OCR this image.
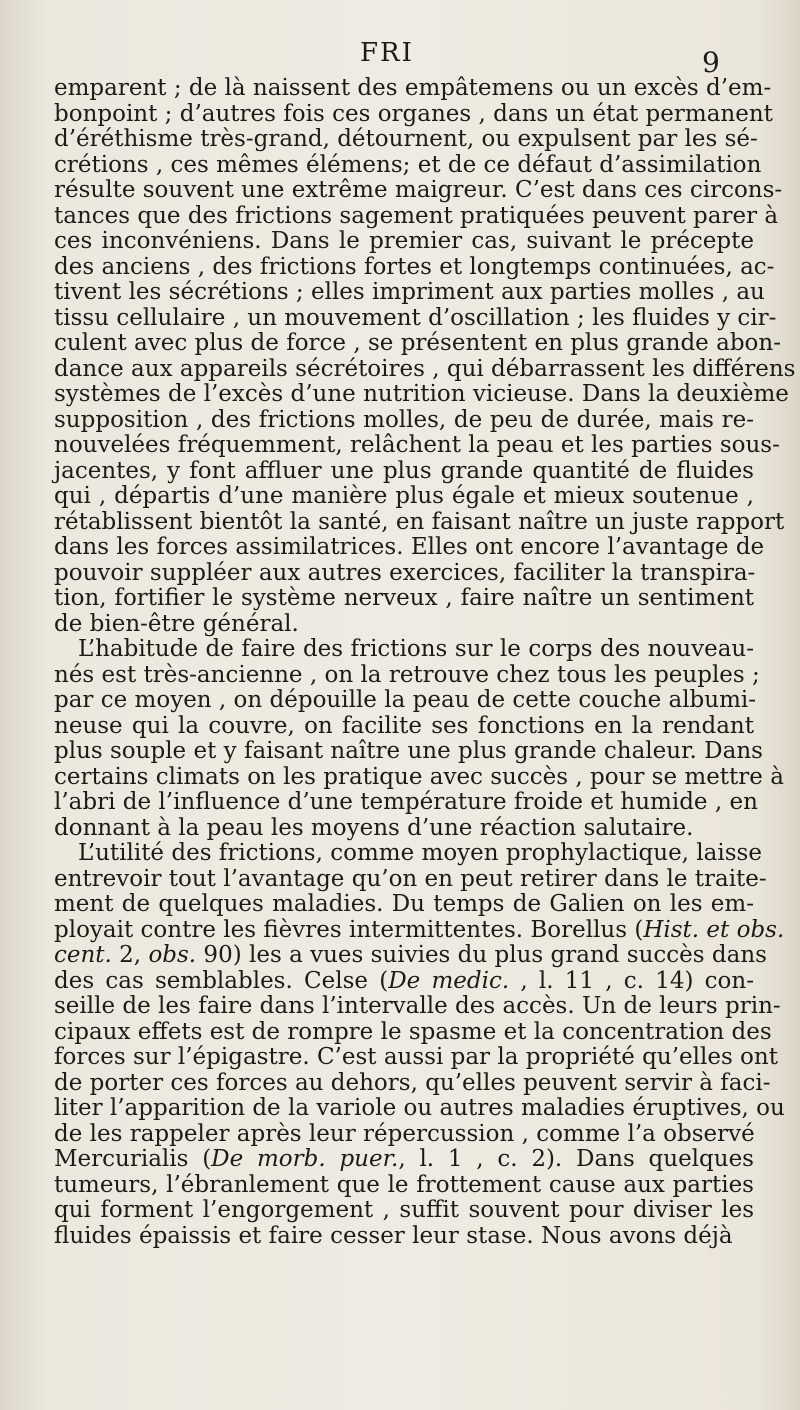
FRI	9
emparent ; de là naissent des empâtemens ou un excès d’em-
bonpoint ; d’autres fois ces organes , dans un état permanent
d’éréthisme très-grand, détournent, ou expulsent par les sé-
crétions , ces mêmes élémens; et de ce défaut d’assimilation
résulte souvent une extrême maigreur. C’est dans ces circons-
tances que des frictions sagement pratiquées peuvent parer à
ces inconvéniens. Dans le premier cas, suivant le précepte
des anciens , des frictions fortes et longtemps continuées, ac-
tivent les sécrétions ; elles impriment aux parties molles , au
tissu cellulaire , un mouvement d’oscillation ; les fluides y cir-
culent avec plus de force , se présentent en plus grande abon-
dance aux appareils sécrétoires , qui débarrassent les différens
systèmes de l’excès d’une nutrition vicieuse. Dans la deuxième
supposition , des frictions molles, de peu de durée, mais re-
nouvelées fréquemment, relâchent la peau et les parties sous-
jacentes, y font affluer une plus grande quantité de fluides
qui , départis d’une manière plus égale et mieux soutenue ,
rétablissent bientôt la santé, en faisant naître un juste rapport
dans les forces assimilatrices. Elles ont encore l’avantage de
pouvoir suppléer aux autres exercices, faciliter la transpira-
tion, fortifier le système nerveux , faire naître un sentiment
de bien-être général.
L’habitude de faire des frictions sur le corps des nouveau-
nés est très-ancienne , on la retrouve chez tous les peuples ;
par ce moyen , on dépouille la peau de cette couche albumi-
neuse qui la couvre, on facilite ses fonctions en la rendant
plus souple et y faisant naître une plus grande chaleur. Dans
certains climats on les pratique avec succès , pour se mettre à
l’abri de l’influence d’une température froide et humide , en
donnant à la peau les moyens d’une réaction salutaire.
L’utilité des frictions, comme moyen prophylactique, laisse
entrevoir tout l’avantage qu’on en peut retirer dans le traite-
ment de quelques maladies. Du temps de Galien on les em-
ployait contre les fièvres intermittentes. Borellus (Hist. et obs.
cent. 2, obs. 90) les a vues suivies du plus grand succès dans
des cas semblables. Celse (De medic. , l. 11 , c. 14) con-
seille de les faire dans l’intervalle des accès. Un de leurs prin-
cipaux effets est de rompre le spasme et la concentration des
forces sur l’épigastre. C’est aussi par la propriété qu’elles ont
de porter ces forces au dehors, qu’elles peuvent servir à faci-
liter l’apparition de la variole ou autres maladies éruptives, ou
de les rappeler après leur répercussion , comme l’a observé
Mercurialis (De morb. puer., l. 1 , c. 2). Dans quelques
tumeurs, l’ébranlement que le frottement cause aux parties
qui forment l’engorgement , suffit souvent pour diviser les
fluides épaissis et faire cesser leur stase. Nous avons déjà
